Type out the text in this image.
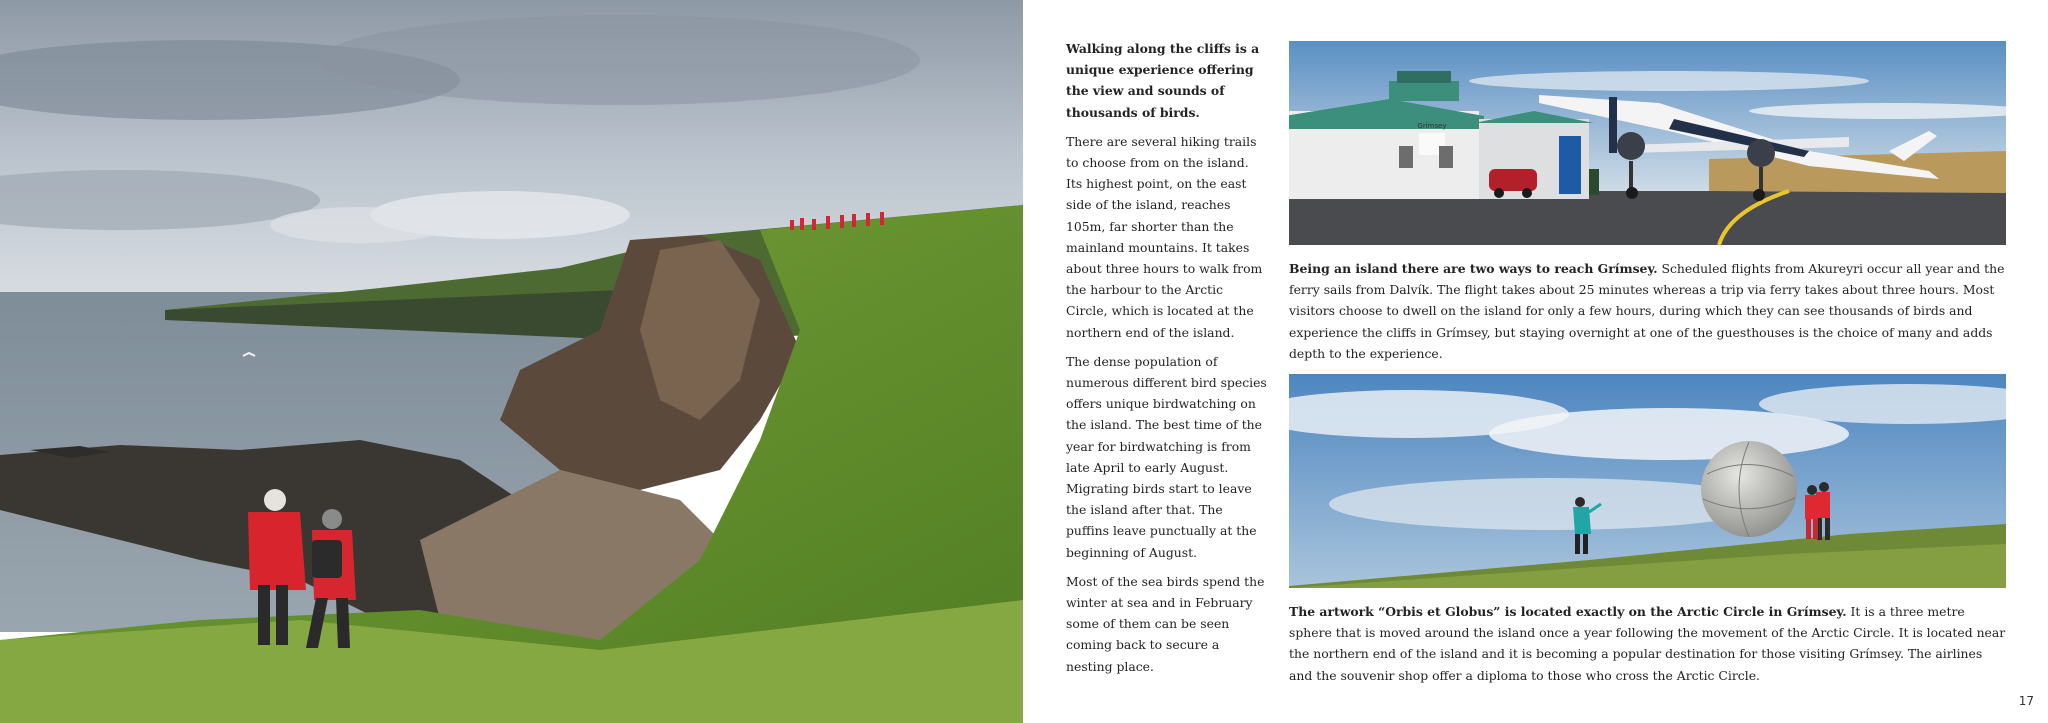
Walking along the cliffs is a unique experience offering the view and sounds of thousands of birds.

There are several hiking trails to choose from on the island. Its highest point, on the east side of the island, reaches 105m, far shorter than the mainland mountains. It takes about three hours to walk from the harbour to the Arctic Circle, which is located at the northern end of the island.

The dense population of numerous different bird species offers unique birdwatching on the island. The best time of the year for birdwatching is from late April to early August. Migrating birds start to leave the island after that. The puffins leave punctually at the beginning of August.

Most of the sea birds spend the winter at sea and in February some of them can be seen coming back to secure a nesting place.

Grímsey

Being an island there are two ways to reach Grímsey. Scheduled flights from Akureyri occur all year and the ferry sails from Dalvík. The flight takes about 25 minutes whereas a trip via ferry takes about three hours. Most visitors choose to dwell on the island for only a few hours, during which they can see thousands of birds and experience the cliffs in Grímsey, but staying overnight at one of the guesthouses is the choice of many and adds depth to the experience.

The artwork “Orbis et Globus” is located exactly on the Arctic Circle in Grímsey. It is a three metre sphere that is moved around the island once a year following the movement of the Arctic Circle. It is located near the northern end of the island and it is becoming a popular destination for those visiting Grímsey. The airlines and the souvenir shop offer a diploma to those who cross the Arctic Circle.

17
